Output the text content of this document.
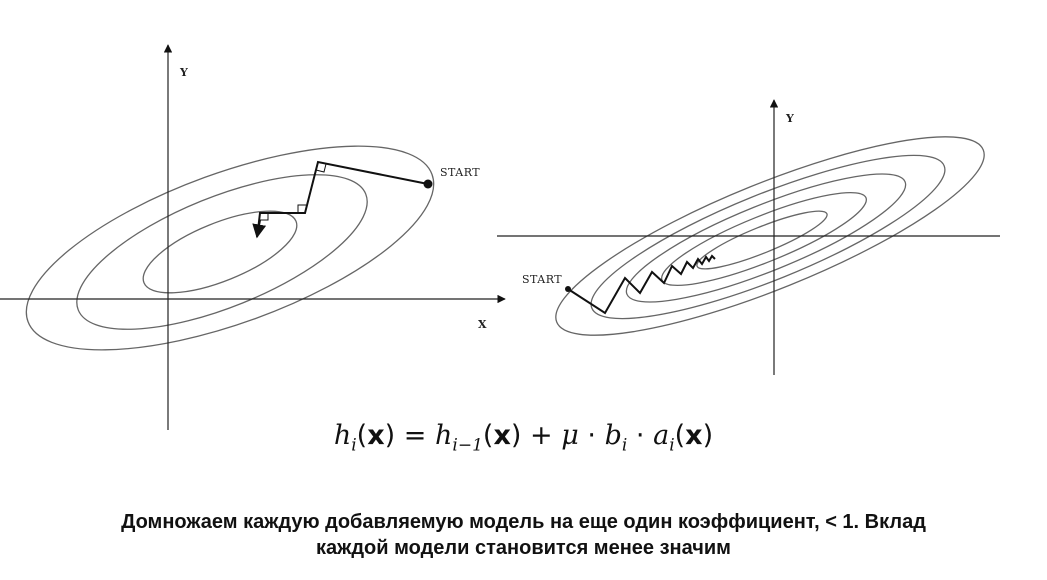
X
Y
START
Y
START
$h_i(x) = h_{i-1}(x) + \mu \cdot b_i \cdot a_i(x)$
Домножаем каждую добавляемую модель на еще один коэффициент, < 1. Вклад
каждой модели становится менее значим
